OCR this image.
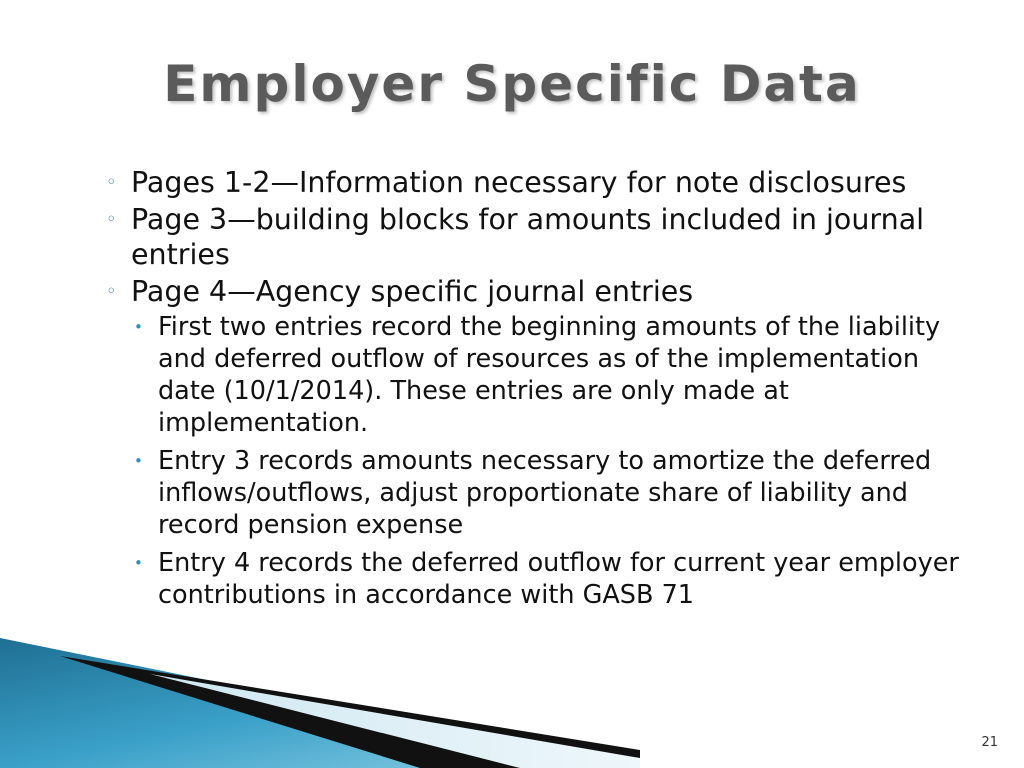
Employer Specific Data
◦ Pages 1-2—Information necessary for note disclosures
◦ Page 3—building blocks for amounts included in journal entries
◦ Page 4—Agency specific journal entries
• First two entries record the beginning amounts of the liability and deferred outflow of resources as of the implementation date (10/1/2014). These entries are only made at implementation.
• Entry 3 records amounts necessary to amortize the deferred inflows/outflows, adjust proportionate share of liability and record pension expense
• Entry 4 records the deferred outflow for current year employer contributions in accordance with GASB 71
21
